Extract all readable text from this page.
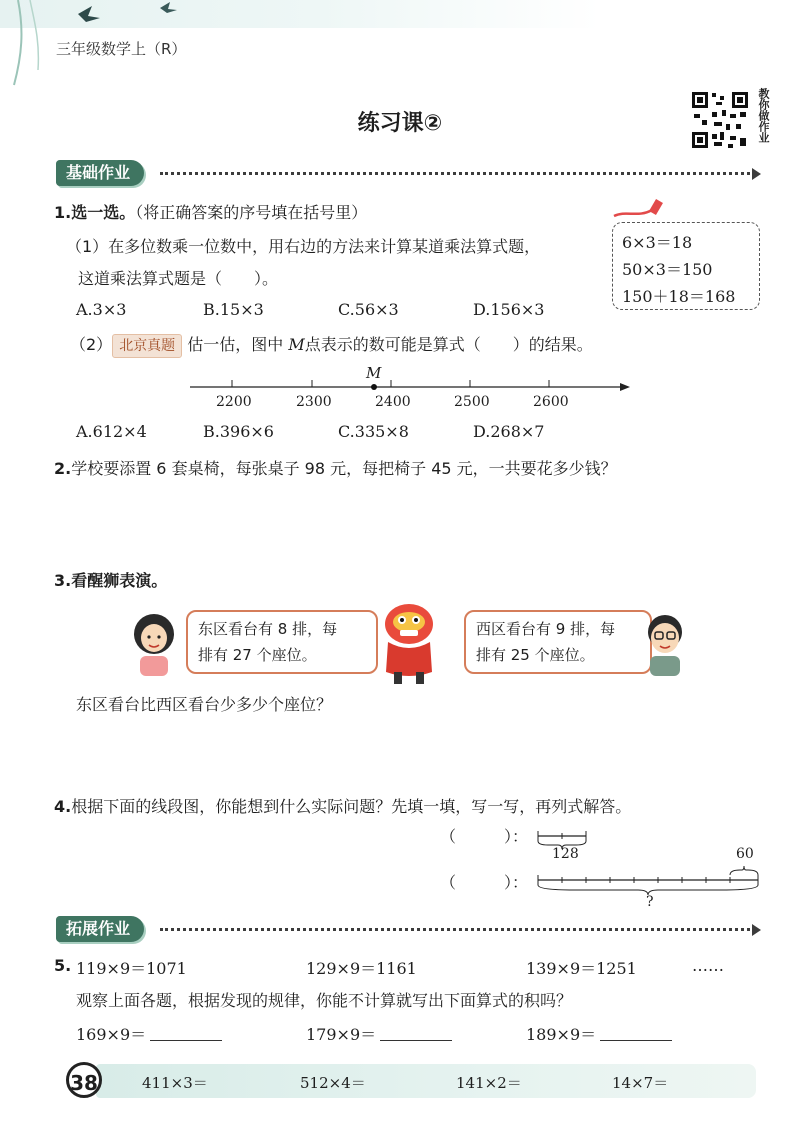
三年级数学上（R）
练习课②	教你做作业
基础作业
1.选一选。（将正确答案的序号填在括号里）
（1）在多位数乘一位数中，用右边的方法来计算某道乘法算式题，
这道乘法算式题是（　　）。
6×3＝18
50×3＝150
150＋18＝168
A.3×3	B.15×3	C.56×3	D.156×3
（2） 北京真题 估一估，图中 M点表示的数可能是算式（　　）的结果。
M
2200	2300	2400	2500	2600
A.612×4	B.396×6	C.335×8	D.268×7
2.学校要添置 6 套桌椅，每张桌子 98 元，每把椅子 45 元，一共要花多少钱？
3.看醒狮表演。
东区看台有 8 排，每
排有 27 个座位。
西区看台有 9 排，每
排有 25 个座位。
东区看台比西区看台少多少个座位？
4.根据下面的线段图，你能想到什么实际问题？先填一填，写一写，再列式解答。
（　　　）：
（　　　）：
128	60
?
拓展作业
5. 119×9＝1071	129×9＝1161	139×9＝1251	……
观察上面各题，根据发现的规律，你能不计算就写出下面算式的积吗？
169×9＝	179×9＝	189×9＝
38	411×3＝	512×4＝	141×2＝	14×7＝
